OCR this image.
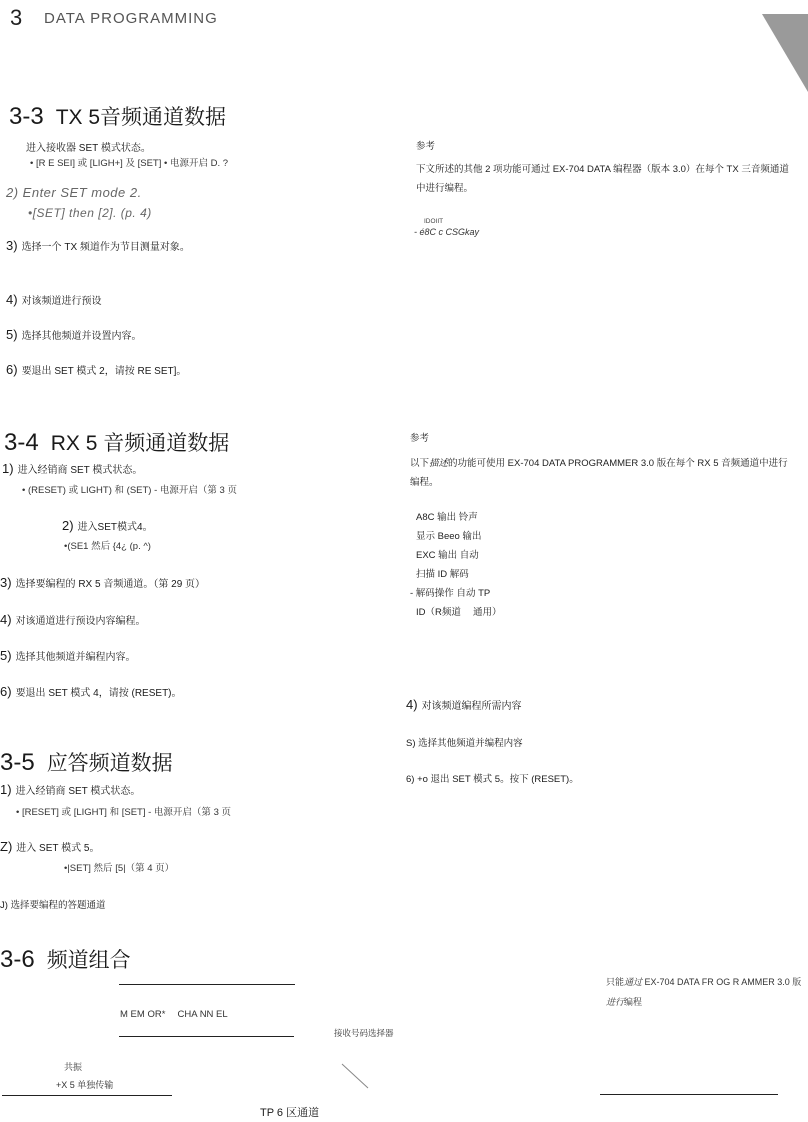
3 DATA PROGRAMMING
3-3 TX 5音频通道数据
进入接收器 SET 模式状态。
• [R E SEI] 或 [LIGH+] 及 [SET] • 电源开启 D. ?
2) Enter SET mode 2.
•[SET] then [2]. (p. 4)
3) 选择一个 TX 频道作为节目测量对象。
4) 对该频道进行预设
5) 选择其他频道并设置内容。
6) 要退出 SET 模式 2，请按 RE SET]。
参考
下文所述的其他 2 项功能可通过 EX-704 DATA 编程器（版本 3.0）在每个 TX 三音频通道中进行编程。
IDOIIT
- é8C c CSGkay
3-4 RX 5 音频通道数据
1) 进入经销商 SET 模式状态。
• (RESET) 或 LIGHT) 和 (SET) - 电源开启（第 3 页
2) 进入SET模式4。
•(SE1 然后 {4¿ (p. ^)
3) 选择要编程的 RX 5 音频通道。（第 29 页）
4) 对该通道进行预设内容编程。
5) 选择其他频道并编程内容。
6) 要退出 SET 模式 4，请按 (RESET)。
参考
以下描述的功能可使用 EX-704 DATA PROGRAMMER 3.0 版在每个 RX 5 音频通道中进行编程。
A8C 输出 铃声
显示 Beeo 输出
EXC 输出 自动
扫描 ID 解码
- 解码操作 自动 TP
ID（R频道　 通用）
4) 对该频道编程所需内容
S) 选择其他频道并编程内容
6) +o 退出 SET 模式 5。按下 (RESET)。
3-5 应答频道数据
1) 进入经销商 SET 模式状态。
• [RESET] 或 [LIGHT] 和 [SET] - 电源开启（第 3 页
Z) 进入 SET 模式 5。
•|SET] 然后 [5|（第 4 页）
J) 选择要编程的答题通道
3-6 频道组合
M EM OR*　 CHA NN EL
接收号码选择器
共振
+X 5 单独传输
TP 6 区通道
只能通过 EX-704 DATA FR OG R AMMER 3.0 版
进行编程
